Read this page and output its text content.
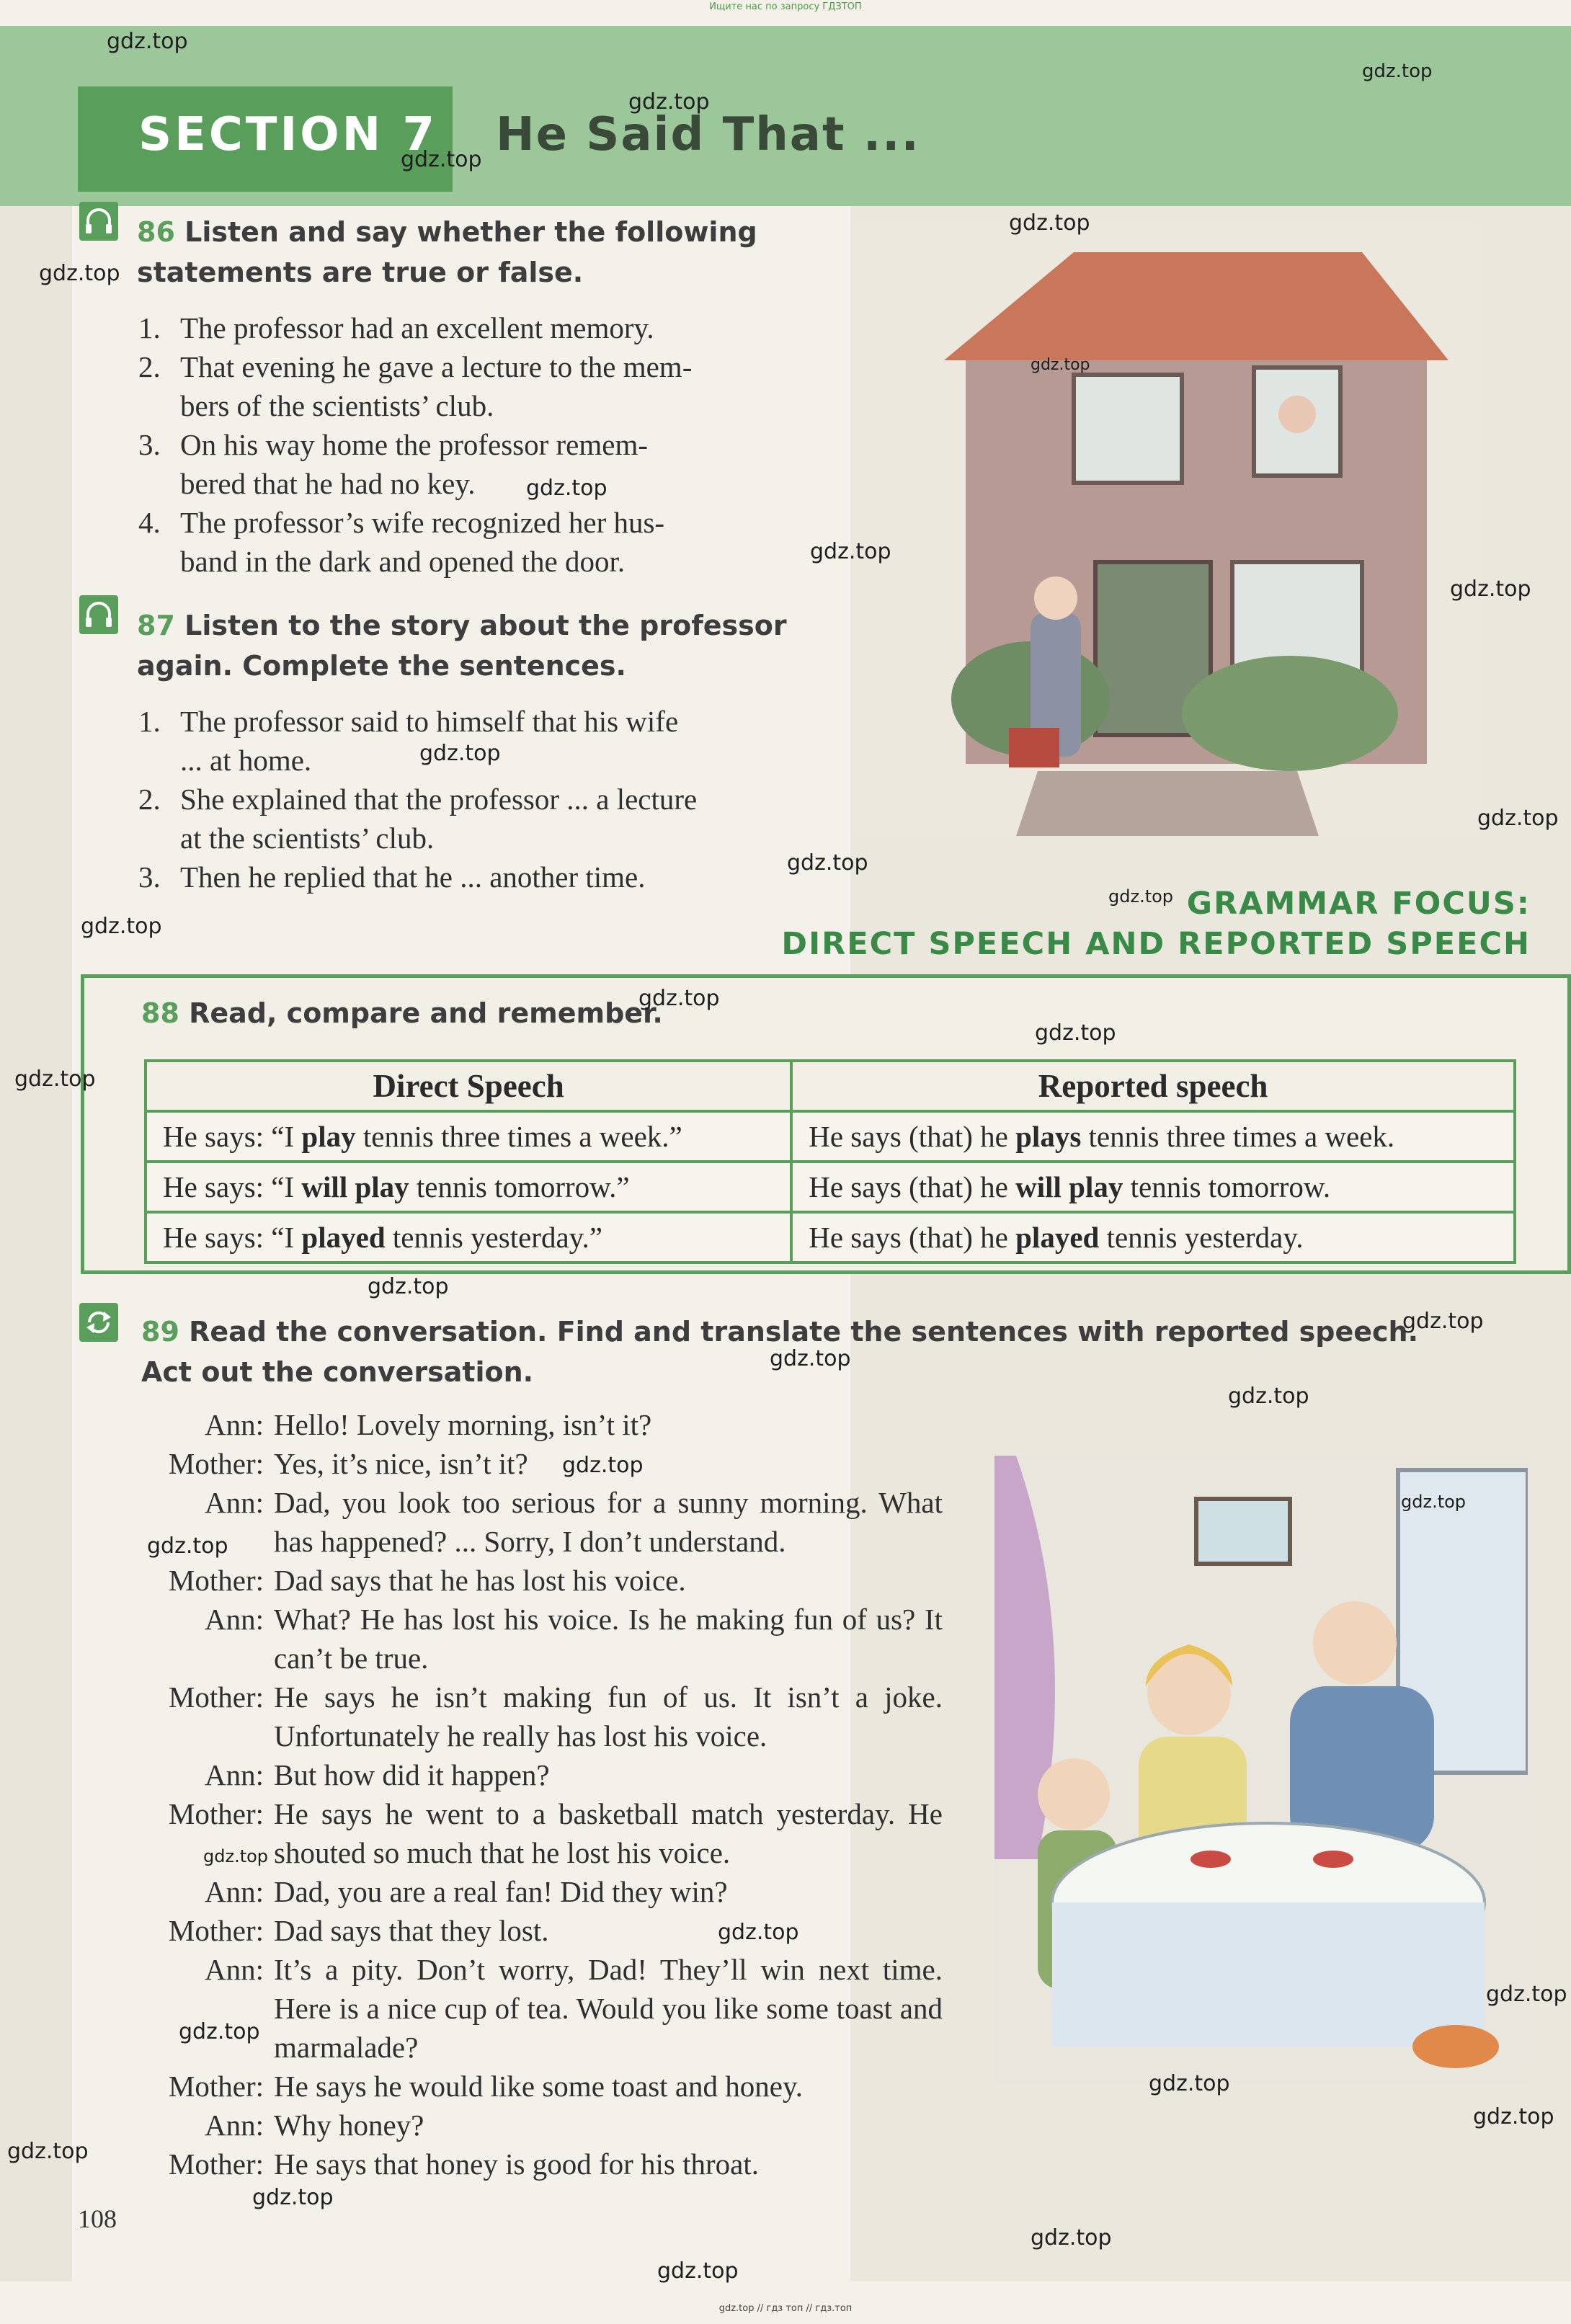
Ищите нас по запросу ГДЗТОП
SECTION 7 He Said That ...
86 Listen and say whether the following
statements are true or false.
1. The professor had an excellent memory.
2. That evening he gave a lecture to the mem-
bers of the scientists’ club.
3. On his way home the professor remem-
bered that he had no key.
4. The professor’s wife recognized her hus-
band in the dark and opened the door.
87 Listen to the story about the professor
again. Complete the sentences.
1. The professor said to himself that his wife
... at home.
2. She explained that the professor ... a lecture
at the scientists’ club.
3. Then he replied that he ... another time.
GRAMMAR FOCUS:
DIRECT SPEECH AND REPORTED SPEECH
88 Read, compare and remember.
Direct Speech	Reported speech
He says: “I play tennis three times a week.”	He says (that) he plays tennis three times a week.
He says: “I will play tennis tomorrow.”	He says (that) he will play tennis tomorrow.
He says: “I played tennis yesterday.”	He says (that) he played tennis yesterday.
89 Read the conversation. Find and translate the sentences with reported speech.
Act out the conversation.
Ann: Hello! Lovely morning, isn’t it?
Mother: Yes, it’s nice, isn’t it?
Ann: Dad, you look too serious for a sunny morning. What has happened? ... Sorry, I don’t understand.
Mother: Dad says that he has lost his voice.
Ann: What? He has lost his voice. Is he making fun of us? It can’t be true.
Mother: He says he isn’t making fun of us. It isn’t a joke. Unfortunately he really has lost his voice.
Ann: But how did it happen?
Mother: He says he went to a basketball match yesterday. He shouted so much that he lost his voice.
Ann: Dad, you are a real fan! Did they win?
Mother: Dad says that they lost.
Ann: It’s a pity. Don’t worry, Dad! They’ll win next time. Here is a nice cup of tea. Would you like some toast and marmalade?
Mother: He says he would like some toast and honey.
Ann: Why honey?
Mother: He says that honey is good for his throat.
108
gdz.top // гдз топ // гдз.топ
gdz.top
gdz.top
gdz.top
gdz.top
gdz.top
gdz.top
gdz.top
gdz.top
gdz.top
gdz.top
gdz.top
gdz.top
gdz.top
gdz.top
gdz.top
gdz.top
gdz.top
gdz.top
gdz.top
gdz.top
gdz.top
gdz.top
gdz.top
gdz.top
gdz.top
gdz.top
gdz.top
gdz.top
gdz.top
gdz.top
gdz.top
gdz.top
gdz.top
gdz.top
gdz.top
